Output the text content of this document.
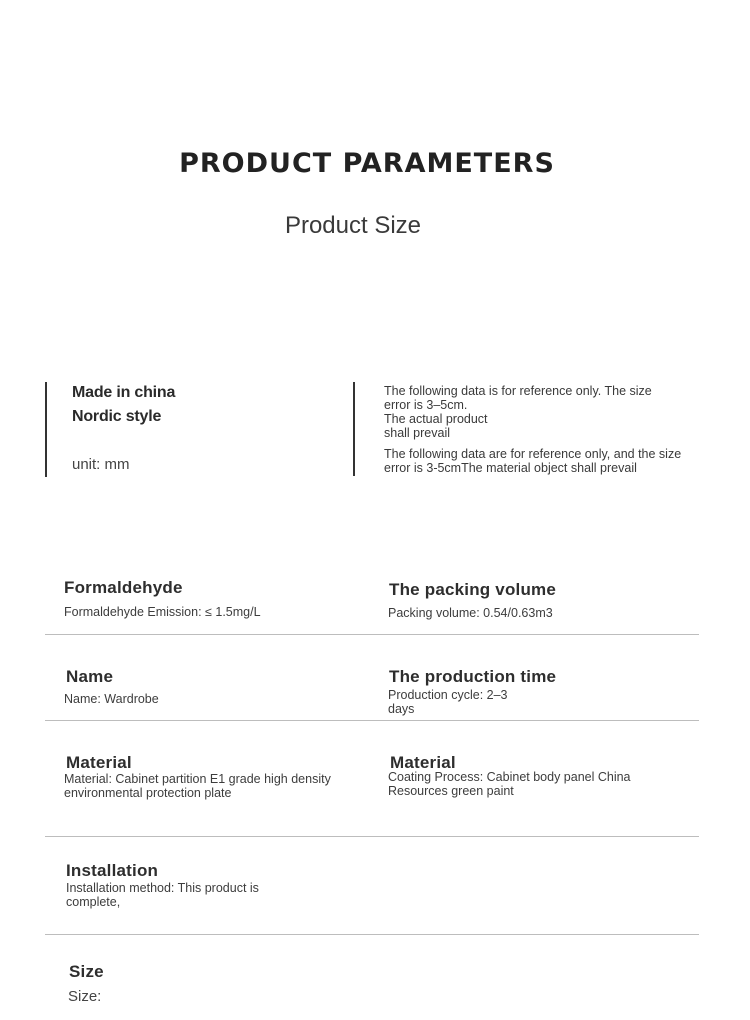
PRODUCT PARAMETERS
Product Size
Made in china
Nordic style
unit: mm
The following data is for reference only. The size
error is 3–5cm.
The actual product
shall prevail
The following data are for reference only, and the size
error is 3-5cmThe material object shall prevail
Formaldehyde
Formaldehyde Emission: ≤ 1.5mg/L
The packing volume
Packing volume: 0.54/0.63m3
Name
Name: Wardrobe
The production time
Production cycle: 2–3
days
Material
Material: Cabinet partition E1 grade high density
environmental protection plate
Material
Coating Process: Cabinet body panel China
Resources green paint
Installation
Installation method: This product is
complete,
Size
Size:
